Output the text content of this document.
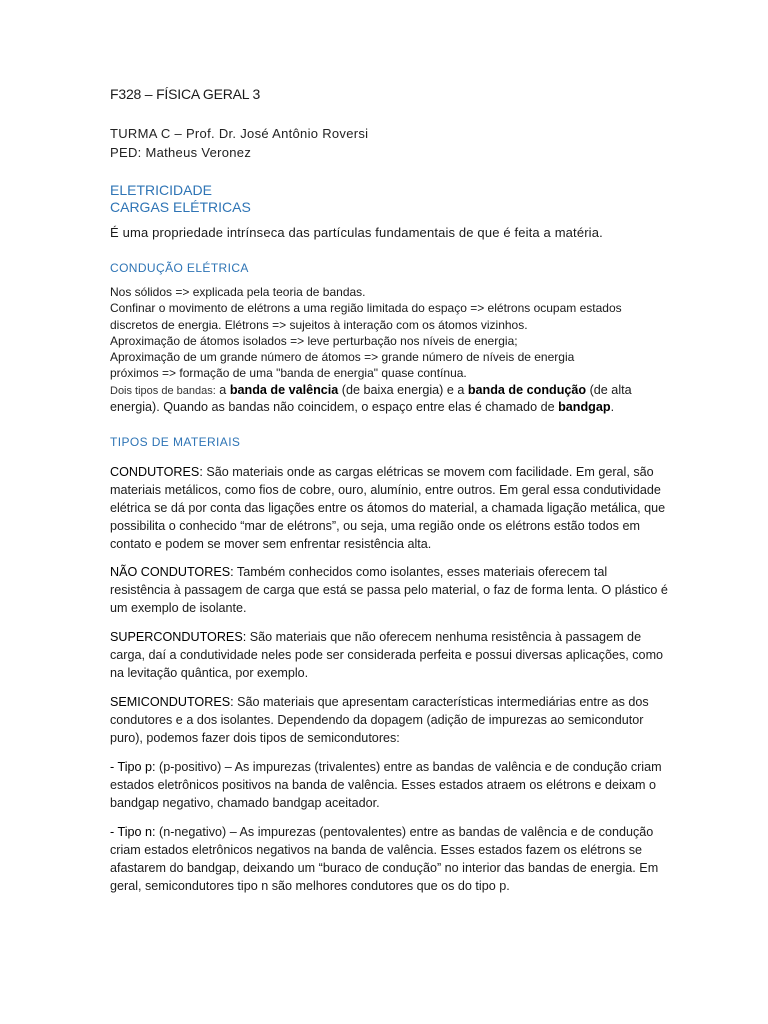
F328 – FÍSICA GERAL 3
TURMA C – Prof. Dr. José Antônio Roversi
PED: Matheus Veronez
ELETRICIDADE
CARGAS ELÉTRICAS
É uma propriedade intrínseca das partículas fundamentais de que é feita a matéria.
CONDUÇÃO ELÉTRICA
Nos sólidos => explicada pela teoria de bandas.
Confinar o movimento de elétrons a uma região limitada do espaço => elétrons ocupam estados
discretos de energia. Elétrons => sujeitos à interação com os átomos vizinhos.
Aproximação de átomos isolados => leve perturbação nos níveis de energia;
Aproximação de um grande número de átomos => grande número de níveis de energia
próximos => formação de uma "banda de energia" quase contínua.
Dois tipos de bandas: a banda de valência (de baixa energia) e a banda de condução (de alta
energia). Quando as bandas não coincidem, o espaço entre elas é chamado de bandgap.
TIPOS DE MATERIAIS
CONDUTORES: São materiais onde as cargas elétricas se movem com facilidade. Em geral, são materiais metálicos, como fios de cobre, ouro, alumínio, entre outros. Em geral essa condutividade elétrica se dá por conta das ligações entre os átomos do material, a chamada ligação metálica, que possibilita o conhecido “mar de elétrons”, ou seja, uma região onde os elétrons estão todos em contato e podem se mover sem enfrentar resistência alta.
NÃO CONDUTORES: Também conhecidos como isolantes, esses materiais oferecem tal resistência à passagem de carga que está se passa pelo material, o faz de forma lenta. O plástico é um exemplo de isolante.
SUPERCONDUTORES: São materiais que não oferecem nenhuma resistência à passagem de carga, daí a condutividade neles pode ser considerada perfeita e possui diversas aplicações, como na levitação quântica, por exemplo.
SEMICONDUTORES: São materiais que apresentam características intermediárias entre as dos condutores e a dos isolantes. Dependendo da dopagem (adição de impurezas ao semicondutor puro), podemos fazer dois tipos de semicondutores:
- Tipo p: (p-positivo) – As impurezas (trivalentes) entre as bandas de valência e de condução criam estados eletrônicos positivos na banda de valência. Esses estados atraem os elétrons e deixam o bandgap negativo, chamado bandgap aceitador.
- Tipo n: (n-negativo) – As impurezas (pentovalentes) entre as bandas de valência e de condução criam estados eletrônicos negativos na banda de valência. Esses estados fazem os elétrons se afastarem do bandgap, deixando um “buraco de condução” no interior das bandas de energia. Em geral, semicondutores tipo n são melhores condutores que os do tipo p.
